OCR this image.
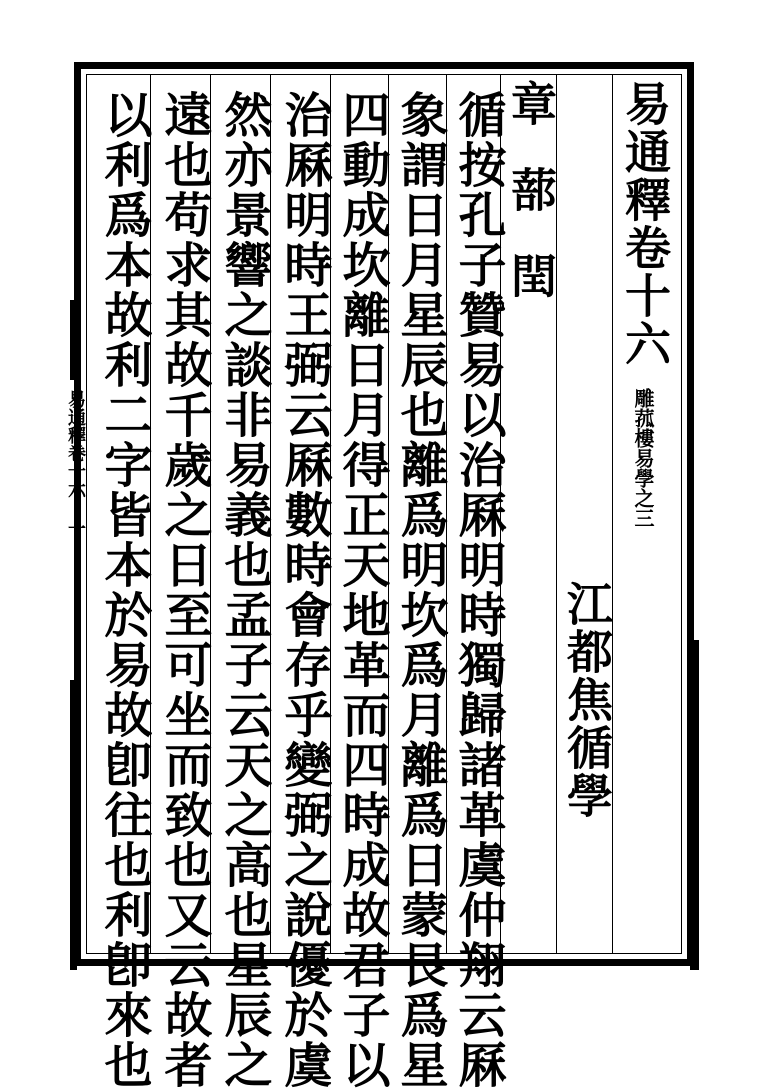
易通釋卷十六
雕菰樓易學之三
江都焦循學
章蔀閏
循按孔子贊易以治厤明時獨歸諸革虞仲翔云厤
象謂日月星辰也離爲明坎爲月離爲日蒙艮爲星
四動成坎離日月得正天地革而四時成故君子以
治厤明時王弼云厤數時會存乎變弼之說優於虞
然亦景響之談非易義也孟子云天之高也星辰之
遠也苟求其故千歲之日至可坐而致也又云故者
以利爲本故利二字皆本於易故卽往也利卽來也
易通釋卷十六 一
